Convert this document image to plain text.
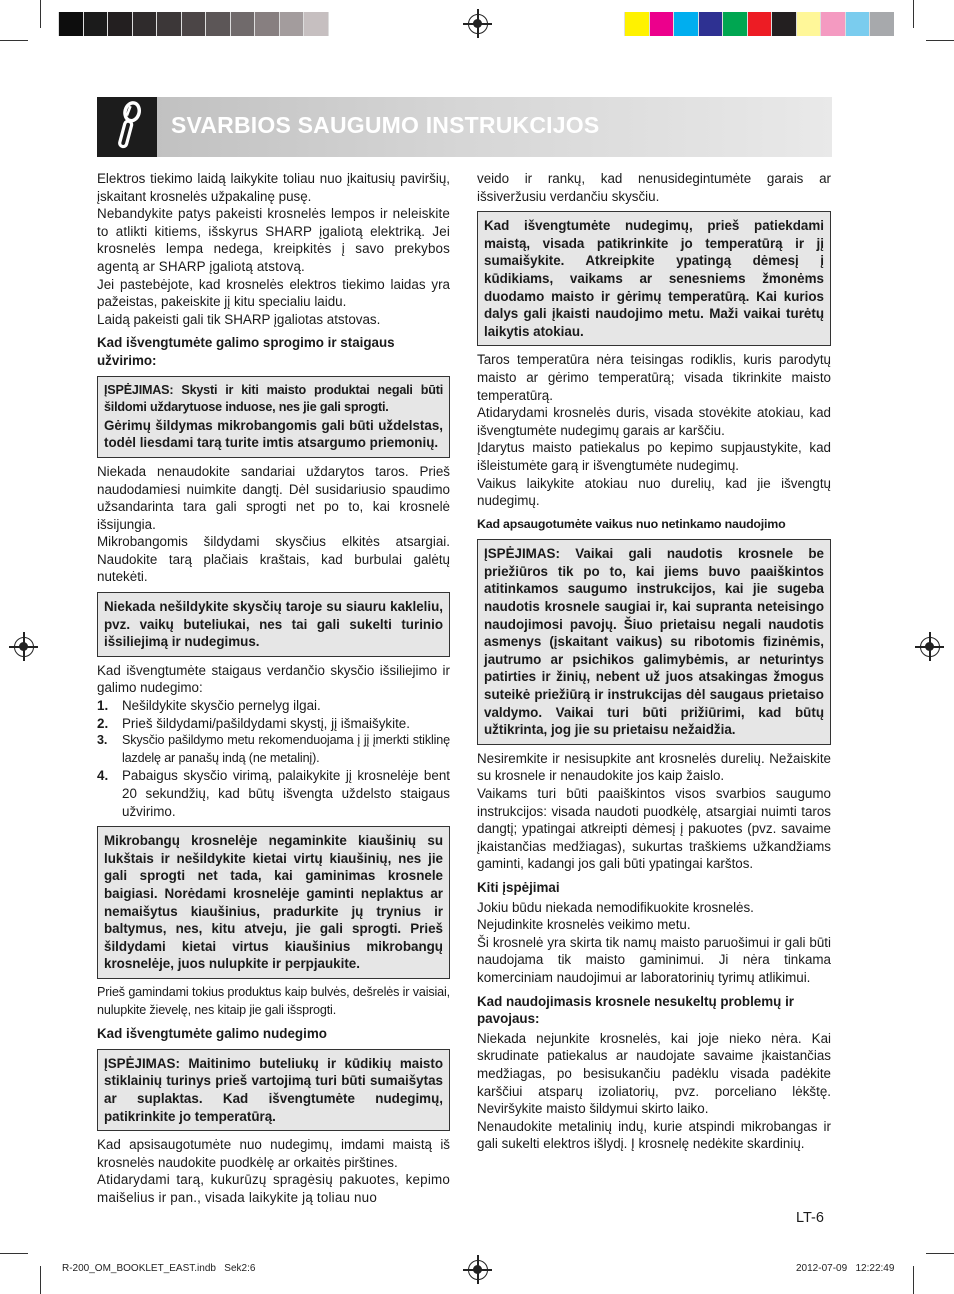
SVARBIOS SAUGUMO INSTRUKCIJOS

Elektros tiekimo laidą laikykite toliau nuo įkaitusių paviršių, įskaitant krosnelės užpakalinę pusę.

Nebandykite patys pakeisti krosnelės lempos ir neleiskite to atlikti kitiems, išskyrus SHARP įgaliotą elektriką. Jei krosnelės lempa nedega, kreipkitės į savo prekybos agentą ar SHARP įgaliotą atstovą.

Jei pastebėjote, kad krosnelės elektros tiekimo laidas yra pažeistas, pakeiskite jį kitu specialiu laidu.

Laidą pakeisti gali tik SHARP įgaliotas atstovas.

Kad išvengtumėte galimo sprogimo ir staigaus užvirimo:
ĮSPĖJIMAS: Skysti ir kiti maisto produktai negali būti šildomi uždarytuose induose, nes jie gali sprogti.
Gėrimų šildymas mikrobangomis gali būti uždelstas, todėl liesdami tarą turite imtis atsargumo priemonių.

Niekada nenaudokite sandariai uždarytos taros. Prieš naudodamiesi nuimkite dangtį. Dėl susidariusio spaudimo užsandarinta tara gali sprogti net po to, kai krosnelė išsijungia.

Mikrobangomis šildydami skysčius elkitės atsargiai. Naudokite tarą plačiais kraštais, kad burbulai galėtų nutekėti.

Niekada nešildykite skysčių taroje su siauru kakleliu, pvz. vaikų buteliukai, nes tai gali sukelti turinio išsiliejimą ir nudegimus.

Kad išvengtumėte staigaus verdančio skysčio išsiliejimo ir galimo nudegimo:

1. Nešildykite skysčio pernelyg ilgai.
2. Prieš šildydami/pašildydami skystį, jį išmaišykite.
3. Skysčio pašildymo metu rekomenduojama į jį įmerkti stiklinę lazdelę ar panašų indą (ne metalinį).
4. Pabaigus skysčio virimą, palaikykite jį krosnelėje bent 20 sekundžių, kad būtų išvengta uždelsto staigaus užvirimo.
Mikrobangų krosnelėje negaminkite kiaušinių su lukštais ir nešildykite kietai virtų kiaušinių, nes jie gali sprogti net tada, kai gaminimas krosnele baigiasi. Norėdami krosnelėje gaminti neplaktus ar nemaišytus kiaušinius, pradurkite jų trynius ir baltymus, nes, kitu atveju, jie gali sprogti. Prieš šildydami kietai virtus kiaušinius mikrobangų krosnelėje, juos nulupkite ir perpjaukite.

Prieš gamindami tokius produktus kaip bulvės, dešrelės ir vaisiai, nulupkite žievelę, nes kitaip jie gali išsprogti.

Kad išvengtumėte galimo nudegimo
ĮSPĖJIMAS: Maitinimo buteliukų ir kūdikių maisto stiklainių turinys prieš vartojimą turi būti sumaišytas ar suplaktas. Kad išvengtumėte nudegimų, patikrinkite jo temperatūrą.

Kad apsisaugotumėte nuo nudegimų, imdami maistą iš krosnelės naudokite puodkėlę ar orkaitės pirštines.

Atidarydami tarą, kukurūzų spragėsių pakuotes, kepimo maišelius ir pan., visada laikykite ją toliau nuo

veido ir rankų, kad nenusidegintumėte garais ar išsiveržusiu verdančiu skysčiu.

Kad išvengtumėte nudegimų, prieš patiekdami maistą, visada patikrinkite jo temperatūrą ir jį sumaišykite. Atkreipkite ypatingą dėmesį į kūdikiams, vaikams ar senesniems žmonėms duodamo maisto ir gėrimų temperatūrą. Kai kurios dalys gali įkaisti naudojimo metu. Maži vaikai turėtų laikytis atokiau.

Taros temperatūra nėra teisingas rodiklis, kuris parodytų maisto ar gėrimo temperatūrą; visada tikrinkite maisto temperatūrą.

Atidarydami krosnelės duris, visada stovėkite atokiau, kad išvengtumėte nudegimų garais ar karščiu.

Įdarytus maisto patiekalus po kepimo supjaustykite, kad išleistumėte garą ir išvengtumėte nudegimų.

Vaikus laikykite atokiau nuo durelių, kad jie išvengtų nudegimų.

Kad apsaugotumėte vaikus nuo netinkamo naudojimo
ĮSPĖJIMAS: Vaikai gali naudotis krosnele be priežiūros tik po to, kai jiems buvo paaiškintos atitinkamos saugumo instrukcijos, kai jie sugeba naudotis krosnele saugiai ir, kai supranta neteisingo naudojimosi pavojų. Šiuo prietaisu negali naudotis asmenys (įskaitant vaikus) su ribotomis fizinėmis, jautrumo ar psichikos galimybėmis, ar neturintys patirties ir žinių, nebent už juos atsakingas žmogus suteikė priežiūrą ir instrukcijas dėl saugaus prietaiso valdymo. Vaikai turi būti prižiūrimi, kad būtų užtikrinta, jog jie su prietaisu nežaidžia.

Nesiremkite ir nesisupkite ant krosnelės durelių. Nežaiskite su krosnele ir nenaudokite jos kaip žaislo.

Vaikams turi būti paaiškintos visos svarbios saugumo instrukcijos: visada naudoti puodkėlę, atsargiai nuimti taros dangtį; ypatingai atkreipti dėmesį į pakuotes (pvz. savaime įkaistančias medžiagas), sukurtas traškiems užkandžiams gaminti, kadangi jos gali būti ypatingai karštos.

Kiti įspėjimai

Jokiu būdu niekada nemodifikuokite krosnelės.

Nejudinkite krosnelės veikimo metu.

Ši krosnelė yra skirta tik namų maisto paruošimui ir gali būti naudojama tik maisto gaminimui. Ji nėra tinkama komerciniam naudojimui ar laboratorinių tyrimų atlikimui.

Kad naudojimasis krosnele nesukeltų problemų ir pavojaus:

Niekada nejunkite krosnelės, kai joje nieko nėra. Kai skrudinate patiekalus ar naudojate savaime įkaistančias medžiagas, po besisukančiu padėklu visada padėkite karščiui atsparų izoliatorių, pvz. porceliano lėkštę. Neviršykite maisto šildymui skirto laiko.

Nenaudokite metalinių indų, kurie atspindi mikrobangas ir gali sukelti elektros išlydį. Į krosnelę nedėkite skardinių.

LT-6
R-200_OM_BOOKLET_EAST.indb   Sek2:6	2012-07-09   12:22:49
